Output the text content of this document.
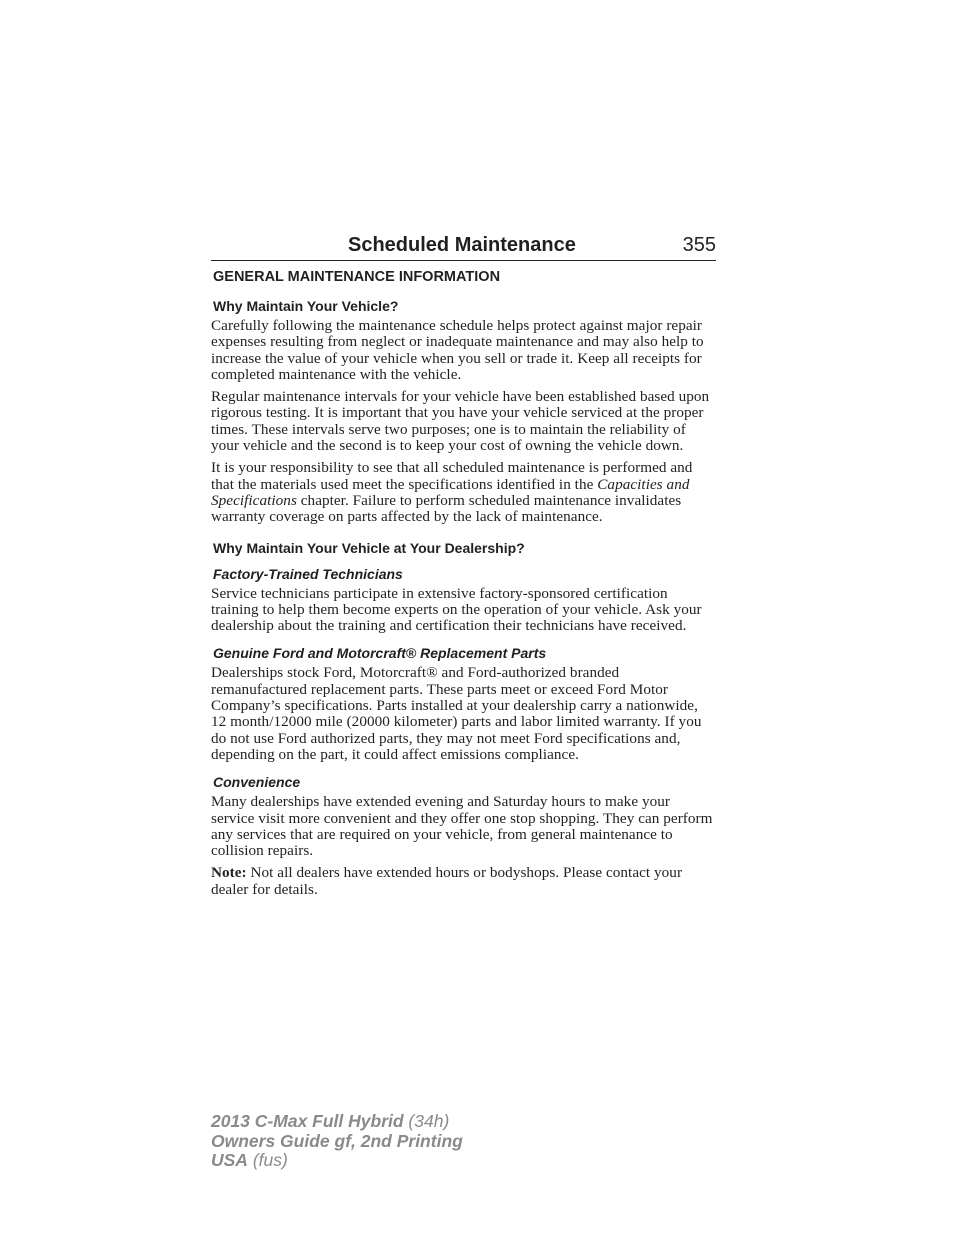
Scheduled Maintenance	355
GENERAL MAINTENANCE INFORMATION
Why Maintain Your Vehicle?

Carefully following the maintenance schedule helps protect against major repair expenses resulting from neglect or inadequate maintenance and may also help to increase the value of your vehicle when you sell or trade it. Keep all receipts for completed maintenance with the vehicle.

Regular maintenance intervals for your vehicle have been established based upon rigorous testing. It is important that you have your vehicle serviced at the proper times. These intervals serve two purposes; one is to maintain the reliability of your vehicle and the second is to keep your cost of owning the vehicle down.

It is your responsibility to see that all scheduled maintenance is performed and that the materials used meet the specifications identified in the Capacities and Specifications chapter. Failure to perform scheduled maintenance invalidates warranty coverage on parts affected by the lack of maintenance.

Why Maintain Your Vehicle at Your Dealership?
Factory-Trained Technicians

Service technicians participate in extensive factory-sponsored certification training to help them become experts on the operation of your vehicle. Ask your dealership about the training and certification their technicians have received.

Genuine Ford and Motorcraft® Replacement Parts

Dealerships stock Ford, Motorcraft® and Ford-authorized branded remanufactured replacement parts. These parts meet or exceed Ford Motor Company’s specifications. Parts installed at your dealership carry a nationwide, 12 month/12000 mile (20000 kilometer) parts and labor limited warranty. If you do not use Ford authorized parts, they may not meet Ford specifications and, depending on the part, it could affect emissions compliance.

Convenience

Many dealerships have extended evening and Saturday hours to make your service visit more convenient and they offer one stop shopping. They can perform any services that are required on your vehicle, from general maintenance to collision repairs.

Note: Not all dealers have extended hours or bodyshops. Please contact your dealer for details.

2013 C-Max Full Hybrid (34h)
Owners Guide gf, 2nd Printing
USA (fus)
